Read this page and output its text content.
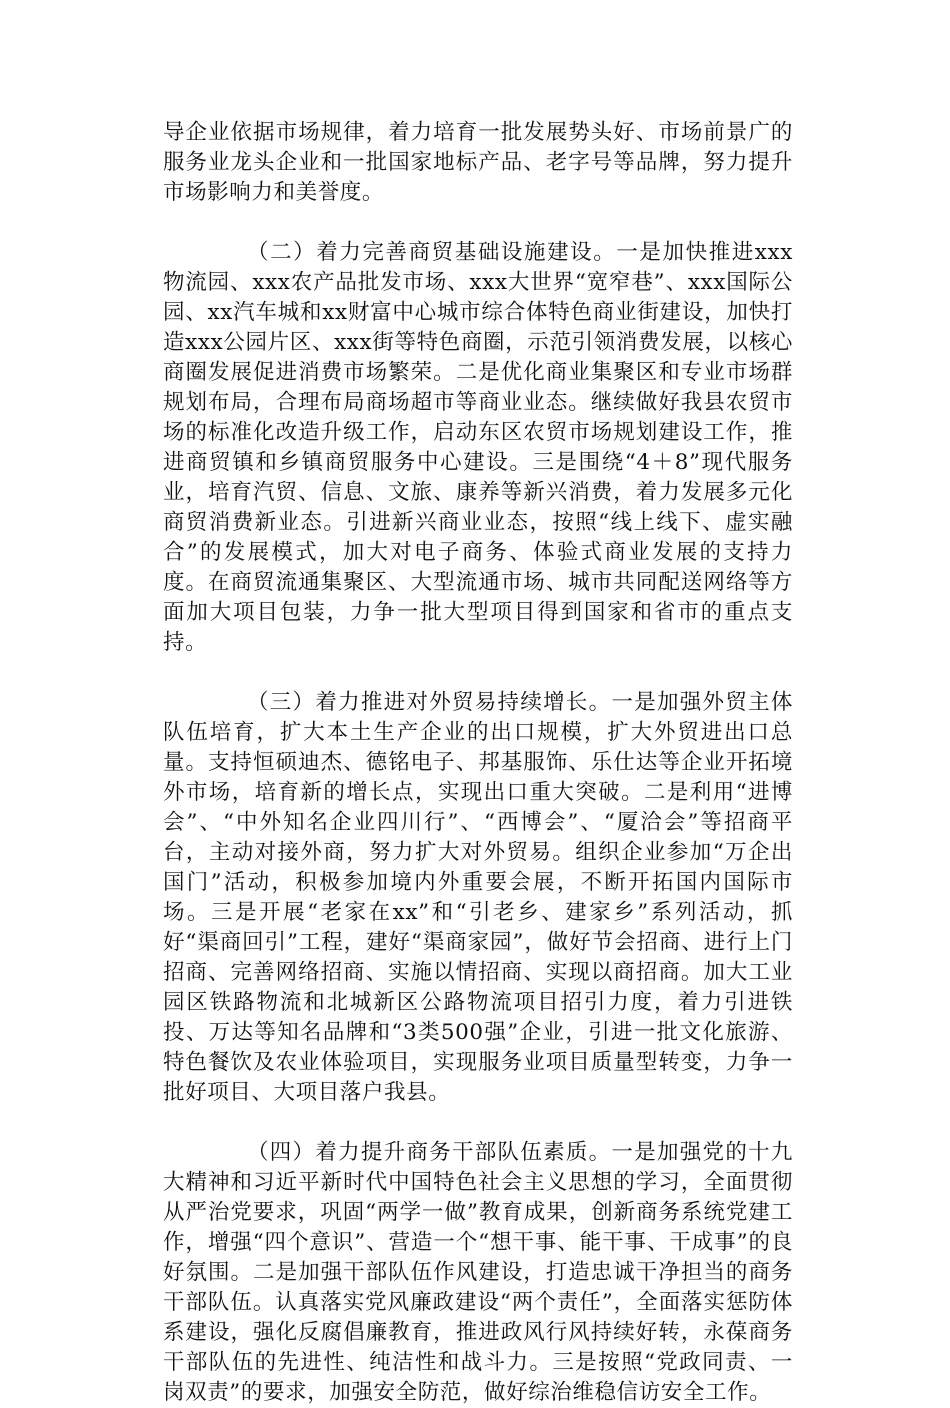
导企业依据市场规律，着力培育一批发展势头好、市场前景广的服务业龙头企业和一批国家地标产品、老字号等品牌，努力提升市场影响力和美誉度。

（二）着力完善商贸基础设施建设。一是加快推进xxx物流园、xxx农产品批发市场、xxx大世界“宽窄巷”、xxx国际公园、xx汽车城和xx财富中心城市综合体特色商业街建设，加快打造xxx公园片区、xxx街等特色商圈，示范引领消费发展，以核心商圈发展促进消费市场繁荣。二是优化商业集聚区和专业市场群规划布局，合理布局商场超市等商业业态。继续做好我县农贸市场的标准化改造升级工作，启动东区农贸市场规划建设工作，推进商贸镇和乡镇商贸服务中心建设。三是围绕“4＋8”现代服务业，培育汽贸、信息、文旅、康养等新兴消费，着力发展多元化商贸消费新业态。引进新兴商业业态，按照“线上线下、虚实融合”的发展模式，加大对电子商务、体验式商业发展的支持力度。在商贸流通集聚区、大型流通市场、城市共同配送网络等方面加大项目包装，力争一批大型项目得到国家和省市的重点支持。

（三）着力推进对外贸易持续增长。一是加强外贸主体队伍培育，扩大本土生产企业的出口规模，扩大外贸进出口总量。支持恒硕迪杰、德铭电子、邦基服饰、乐仕达等企业开拓境外市场，培育新的增长点，实现出口重大突破。二是利用“进博会”、“中外知名企业四川行”、“西博会”、“厦洽会”等招商平台，主动对接外商，努力扩大对外贸易。组织企业参加“万企出国门”活动，积极参加境内外重要会展，不断开拓国内国际市场。三是开展“老家在xx”和“引老乡、建家乡”系列活动，抓好“渠商回引”工程，建好“渠商家园”，做好节会招商、进行上门招商、完善网络招商、实施以情招商、实现以商招商。加大工业园区铁路物流和北城新区公路物流项目招引力度，着力引进铁投、万达等知名品牌和“3类500强”企业，引进一批文化旅游、特色餐饮及农业体验项目，实现服务业项目质量型转变，力争一批好项目、大项目落户我县。

（四）着力提升商务干部队伍素质。一是加强党的十九大精神和习近平新时代中国特色社会主义思想的学习，全面贯彻从严治党要求，巩固“两学一做”教育成果，创新商务系统党建工作，增强“四个意识”、营造一个“想干事、能干事、干成事”的良好氛围。二是加强干部队伍作风建设，打造忠诚干净担当的商务干部队伍。认真落实党风廉政建设“两个责任”，全面落实惩防体系建设，强化反腐倡廉教育，推进政风行风持续好转，永葆商务干部队伍的先进性、纯洁性和战斗力。三是按照“党政同责、一岗双责”的要求，加强安全防范，做好综治维稳信访安全工作。
